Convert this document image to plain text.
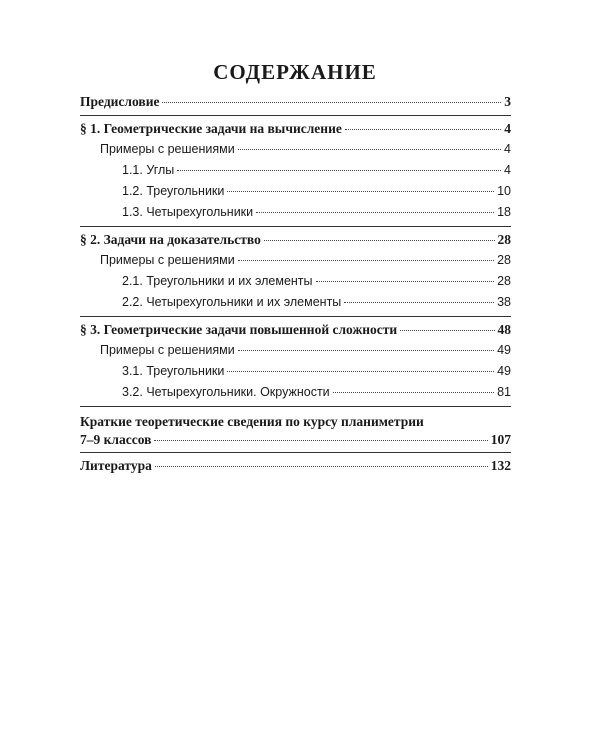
СОДЕРЖАНИЕ
Предисловие	3
§ 1. Геометрические задачи на вычисление	4
Примеры с решениями	4
1.1. Углы	4
1.2. Треугольники	10
1.3. Четырехугольники	18
§ 2. Задачи на доказательство	28
Примеры с решениями	28
2.1. Треугольники и их элементы	28
2.2. Четырехугольники и их элементы	38
§ 3. Геометрические задачи повышенной сложности	48
Примеры с решениями	49
3.1. Треугольники	49
3.2. Четырехугольники. Окружности	81
Краткие теоретические сведения по курсу планиметрии
7–9 классов	107
Литература	132
